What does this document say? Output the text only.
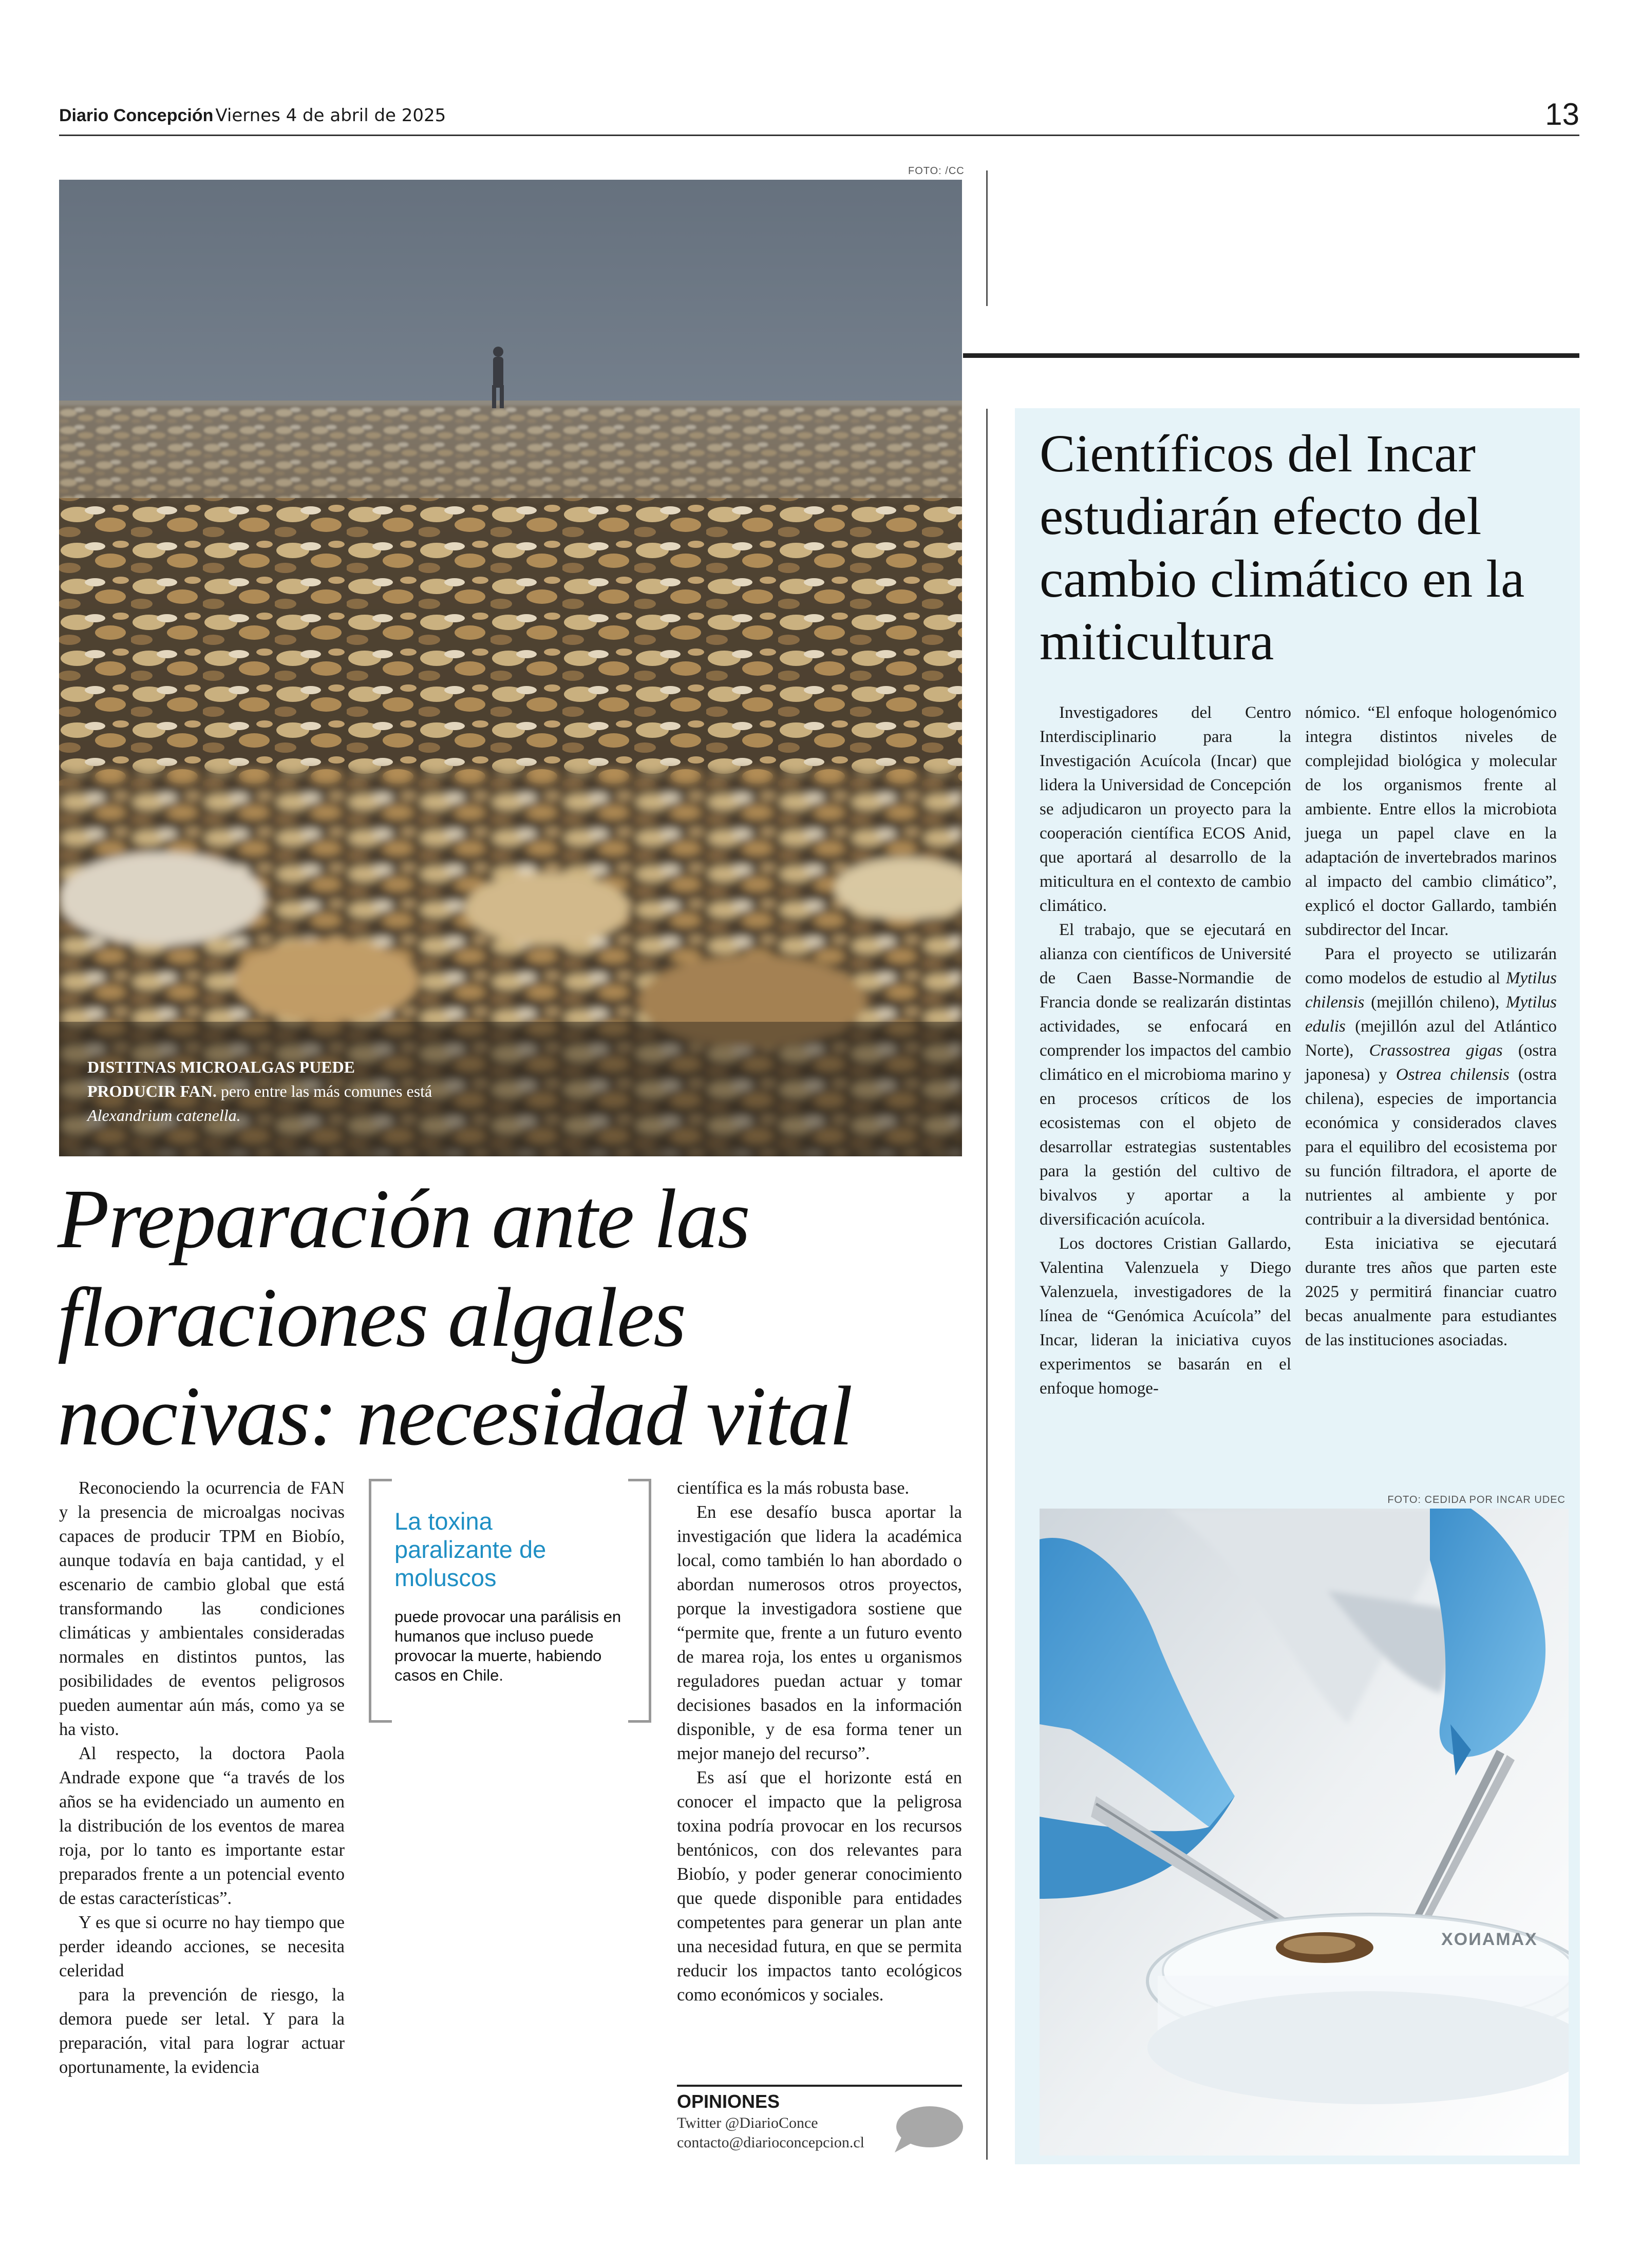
Diario Concepción Viernes 4 de abril de 2025	13
FOTO: /CC
DISTITNAS MICROALGAS PUEDE PRODUCIR FAN. pero entre las más comunes está Alexandrium catenella.
Preparación ante las
floraciones algales
nocivas: necesidad vital

Reconociendo la ocurrencia de FAN y la presencia de microalgas nocivas capaces de producir TPM en Biobío, aunque todavía en baja cantidad, y el escenario de cambio global que está transformando las condiciones climáticas y ambientales consideradas normales en distintos puntos, las posibilidades de eventos peligrosos pueden aumentar aún más, como ya se ha visto.

Al respecto, la doctora Paola Andrade expone que “a través de los años se ha evidenciado un aumento en la distribución de los eventos de marea roja, por lo tanto es importante estar preparados frente a un potencial evento de estas características”.

Y es que si ocurre no hay tiempo que perder ideando acciones, se necesita celeridad

para la prevención de riesgo, la demora puede ser letal. Y para la preparación, vital para lograr actuar oportunamente, la evidencia

La toxina paralizante de moluscos
puede provocar una parálisis en humanos que incluso puede provocar la muerte, habiendo casos en Chile.

científica es la más robusta base.

En ese desafío busca aportar la investigación que lidera la académica local, como también lo han abordado o abordan numerosos otros proyectos, porque la investigadora sostiene que “permite que, frente a un futuro evento de marea roja, los entes u organismos reguladores puedan actuar y tomar decisiones basados en la información disponible, y de esa forma tener un mejor manejo del recurso”.

Es así que el horizonte está en conocer el impacto que la peligrosa toxina podría provocar en los recursos bentónicos, con dos relevantes para Biobío, y poder generar conocimiento que quede disponible para entidades competentes para generar un plan ante una necesidad futura, en que se permita reducir los impactos tanto ecológicos como económicos y sociales.

OPINIONES
Twitter @DiarioConce
contacto@diarioconcepcion.cl
Científicos del Incar estudiarán efecto del cambio climático en la miticultura

Investigadores del Centro Interdisciplinario para la Investigación Acuícola (Incar) que lidera la Universidad de Concepción se adjudicaron un proyecto para la cooperación científica ECOS Anid, que aportará al desarrollo de la miticultura en el contexto de cambio climático.

El trabajo, que se ejecutará en alianza con científicos de Université de Caen Basse-Normandie de Francia donde se realizarán distintas actividades, se enfocará en comprender los impactos del cambio climático en el microbioma marino y en procesos críticos de los ecosistemas con el objeto de desarrollar estrategias sustentables para la gestión del cultivo de bivalvos y aportar a la diversificación acuícola.

Los doctores Cristian Gallardo, Valentina Valenzuela y Diego Valenzuela, investigadores de la línea de “Genómica Acuícola” del Incar, lideran la iniciativa cuyos experimentos se basarán en el enfoque homoge-

nómico. “El enfoque hologenómico integra distintos niveles de complejidad biológica y molecular de los organismos frente al ambiente. Entre ellos la microbiota juega un papel clave en la adaptación de invertebrados marinos al impacto del cambio climático”, explicó el doctor Gallardo, también subdirector del Incar.

Para el proyecto se utilizarán como modelos de estudio al Mytilus chilensis (mejillón chileno), Mytilus edulis (mejillón azul del Atlántico Norte), Crassostrea gigas (ostra japonesa) y Ostrea chilensis (ostra chilena), especies de importancia económica y considerados claves para el equilibro del ecosistema por su función filtradora, el aporte de nutrientes al ambiente y por contribuir a la diversidad bentónica.

Esta iniciativa se ejecutará durante tres años que parten este 2025 y permitirá financiar cuatro becas anualmente para estudiantes de las instituciones asociadas.

FOTO: CEDIDA POR INCAR UDEC
XAMANOX
